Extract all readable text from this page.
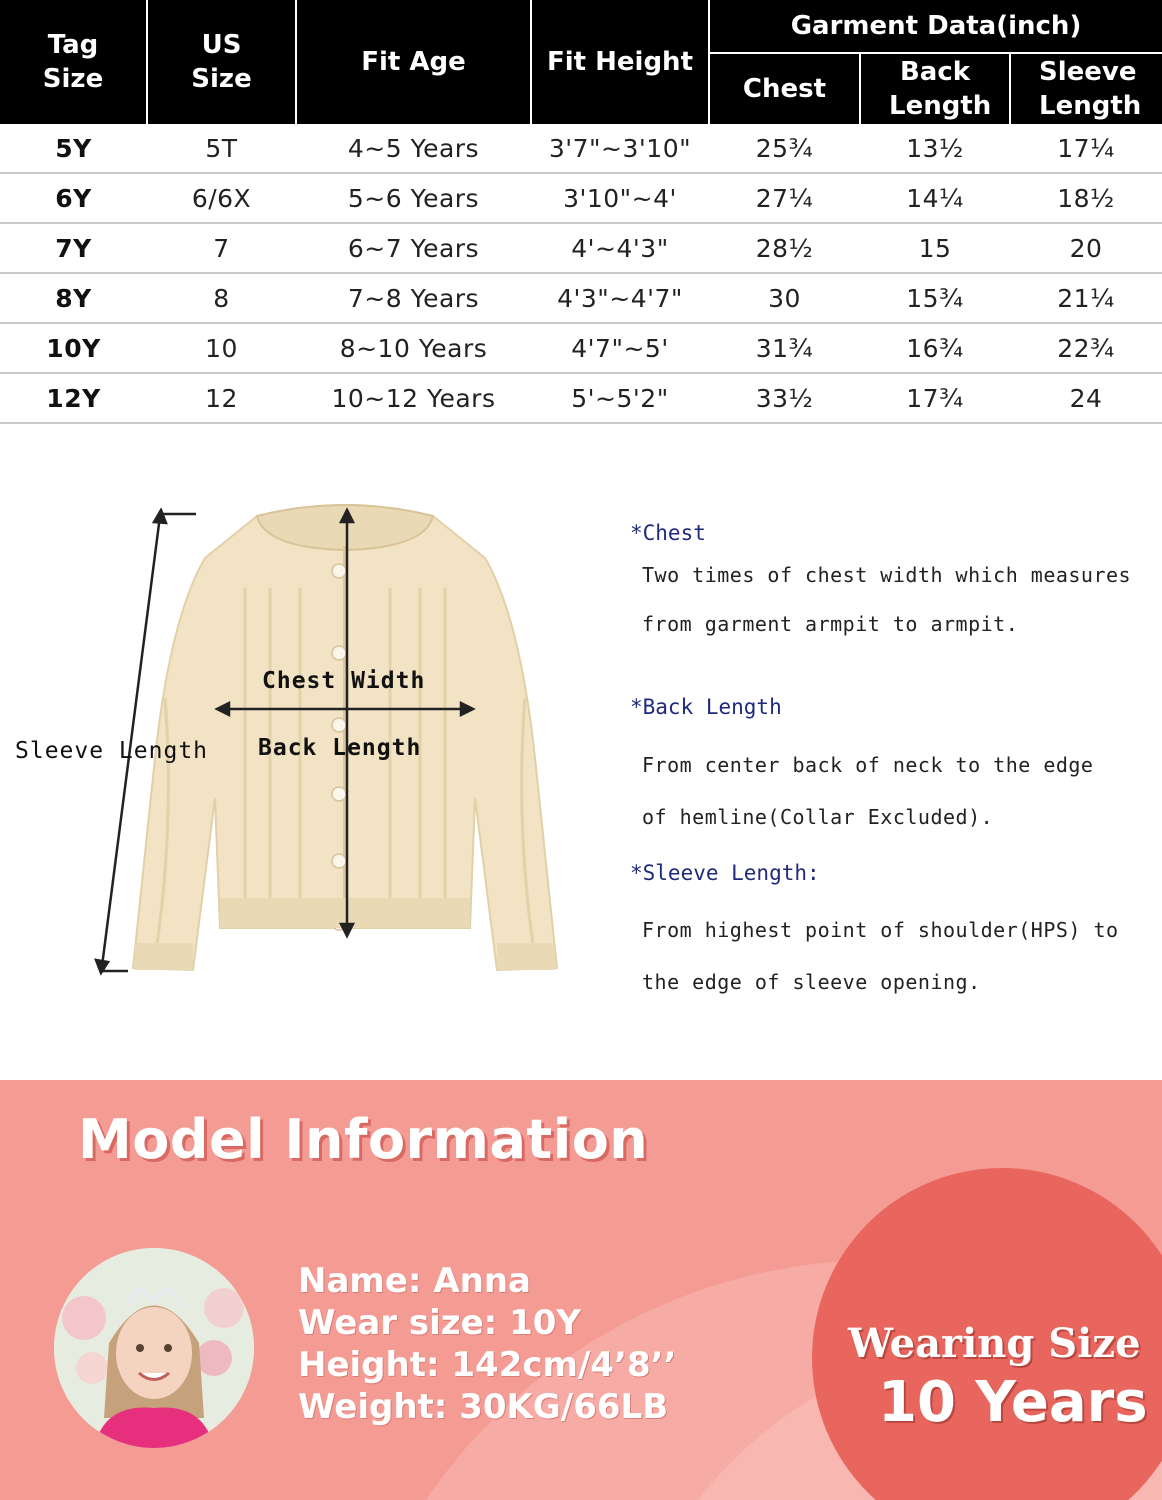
Tag Size	US Size	Fit Age	Fit Height	Garment Data(inch)		
				Chest	Back Length	Sleeve Length
5Y	5T	4~5 Years	3'7"~3'10"	25¾	13½	17¼
6Y	6/6X	5~6 Years	3'10"~4'	27¼	14¼	18½
7Y	7	6~7 Years	4'~4'3"	28½	15	20
8Y	8	7~8 Years	4'3"~4'7"	30	15¾	21¼
10Y	10	8~10 Years	4'7"~5'	31¾	16¾	22¾
12Y	12	10~12 Years	5'~5'2"	33½	17¾	24
Chest Width
Back Length
Sleeve Length
*Chest
Two times of chest width which measures
from garment armpit to armpit.
*Back Length
From center back of neck to the edge
of hemline(Collar Excluded).
*Sleeve Length:
From highest point of shoulder(HPS) to
the edge of sleeve opening.
Model Information
Name: Anna
Wear size: 10Y
Height: 142cm/4’8’’
Weight: 30KG/66LB
Wearing Size
10 Years
